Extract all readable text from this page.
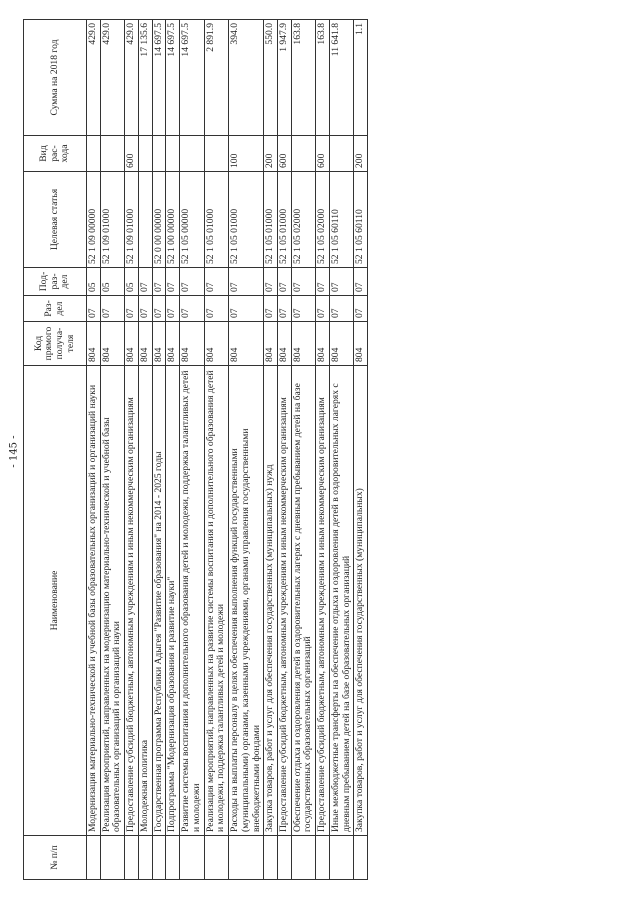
- 145 -
№ п/п	Наименование	Код прямого получа-теля	Раз-дел	Под-раз-дел	Целевая статья	Вид рас-хода	Сумма на 2018 год
	Модернизация материально-технической и учебной базы образовательных организаций и организаций науки	804	07	05	52 1 09 00000		429.0
	Реализация мероприятий, направленных на модернизацию материально-технической и учебной базы образовательных организаций и организаций науки	804	07	05	52 1 09 01000		429.0
	Предоставление субсидий бюджетным, автономным учреждениям и иным некоммерческим организациям	804	07	05	52 1 09 01000	600	429.0
	Молодежная политика	804	07	07			17 135.6
	Государственная программа Республики Адыгея "Развитие образования" на 2014 - 2025 годы	804	07	07	52 0 00 00000		14 697.5
	Подпрограмма "Модернизация образования и развитие науки"	804	07	07	52 1 00 00000		14 697.5
	Развитие системы воспитания и дополнительного образования детей и молодежи, поддержка талантливых детей и молодежи	804	07	07	52 1 05 00000		14 697.5
	Реализация мероприятий, направленных на развитие системы воспитания и дополнительного образования детей и молодежи, поддержка талантливых детей и молодежи	804	07	07	52 1 05 01000		2 891.9
	Расходы на выплаты персоналу в целях обеспечения выполнения функций государственными (муниципальными) органами, казенными учреждениями, органами управления государственными внебюджетными фондами	804	07	07	52 1 05 01000	100	394.0
	Закупка товаров, работ и услуг для обеспечения государственных (муниципальных) нужд	804	07	07	52 1 05 01000	200	550.0
	Предоставление субсидий бюджетным, автономным учреждениям и иным некоммерческим организациям	804	07	07	52 1 05 01000	600	1 947.9
	Обеспечение отдыха и оздоровления детей в оздоровительных лагерях с дневным пребыванием детей на базе государственных образовательных организаций	804	07	07	52 1 05 02000		163.8
	Предоставление субсидий бюджетным, автономным учреждениям и иным некоммерческим организациям	804	07	07	52 1 05 02000	600	163.8
	Иные межбюджетные трансферты на обеспечение отдыха и оздоровления детей в оздоровительных лагерях с дневным пребыванием детей на базе образовательных организаций	804	07	07	52 1 05 60110		11 641.8
	Закупка товаров, работ и услуг для обеспечения государственных (муниципальных)	804	07	07	52 1 05 60110	200	1.1
